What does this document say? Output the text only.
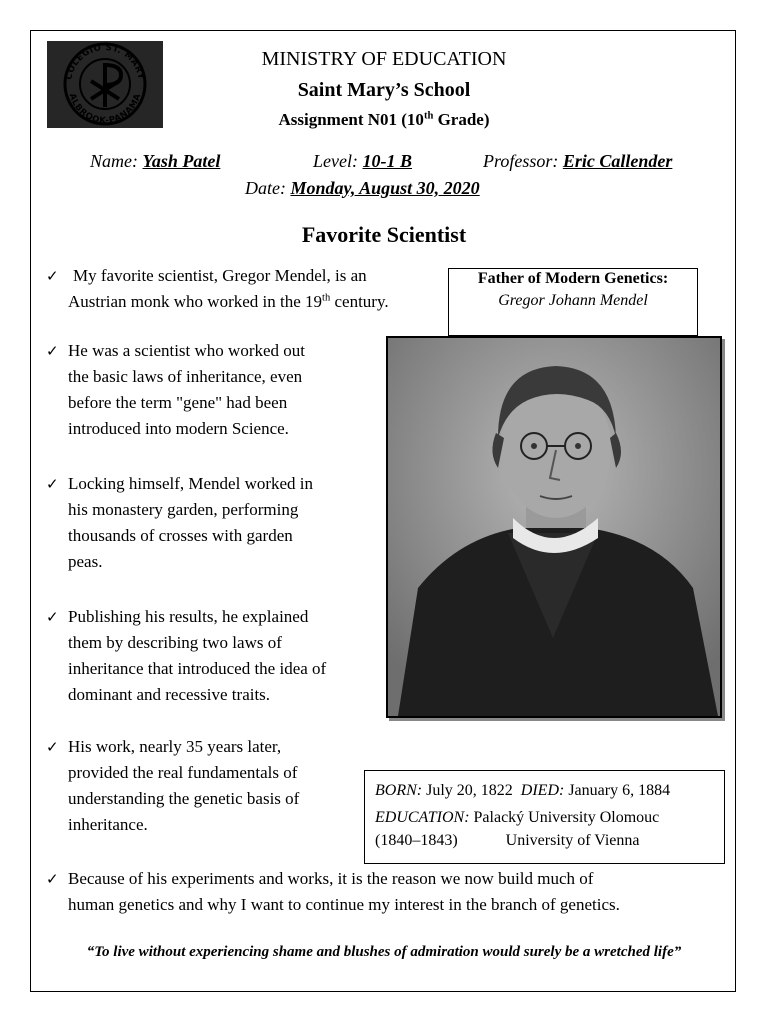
COLEGIO ST. MARY
ALBROOK-PANAMA
MINISTRY OF EDUCATION
Saint Mary’s School
Assignment N01 (10th Grade)
Name: Yash Patel	Level: 10-1 B	Professor: Eric Callender
Date: Monday, August 30, 2020
Favorite Scientist
✓ My favorite scientist, Gregor Mendel, is an
Austrian monk who worked in the 19th century.
✓ He was a scientist who worked out
the basic laws of inheritance, even
before the term "gene" had been
introduced into modern Science.
✓ Locking himself, Mendel worked in
his monastery garden, performing
thousands of crosses with garden
peas.
✓ Publishing his results, he explained
them by describing two laws of
inheritance that introduced the idea of
dominant and recessive traits.
✓ His work, nearly 35 years later,
provided the real fundamentals of
understanding the genetic basis of
inheritance.
✓ Because of his experiments and works, it is the reason we now build much of
human genetics and why I want to continue my interest in the branch of genetics.
Father of Modern Genetics:
Gregor Johann Mendel
BORN: July 20, 1822 DIED: January 6, 1884
EDUCATION: Palacký University Olomouc
(1840–1843)	University of Vienna
“To live without experiencing shame and blushes of admiration would surely be a wretched life”
